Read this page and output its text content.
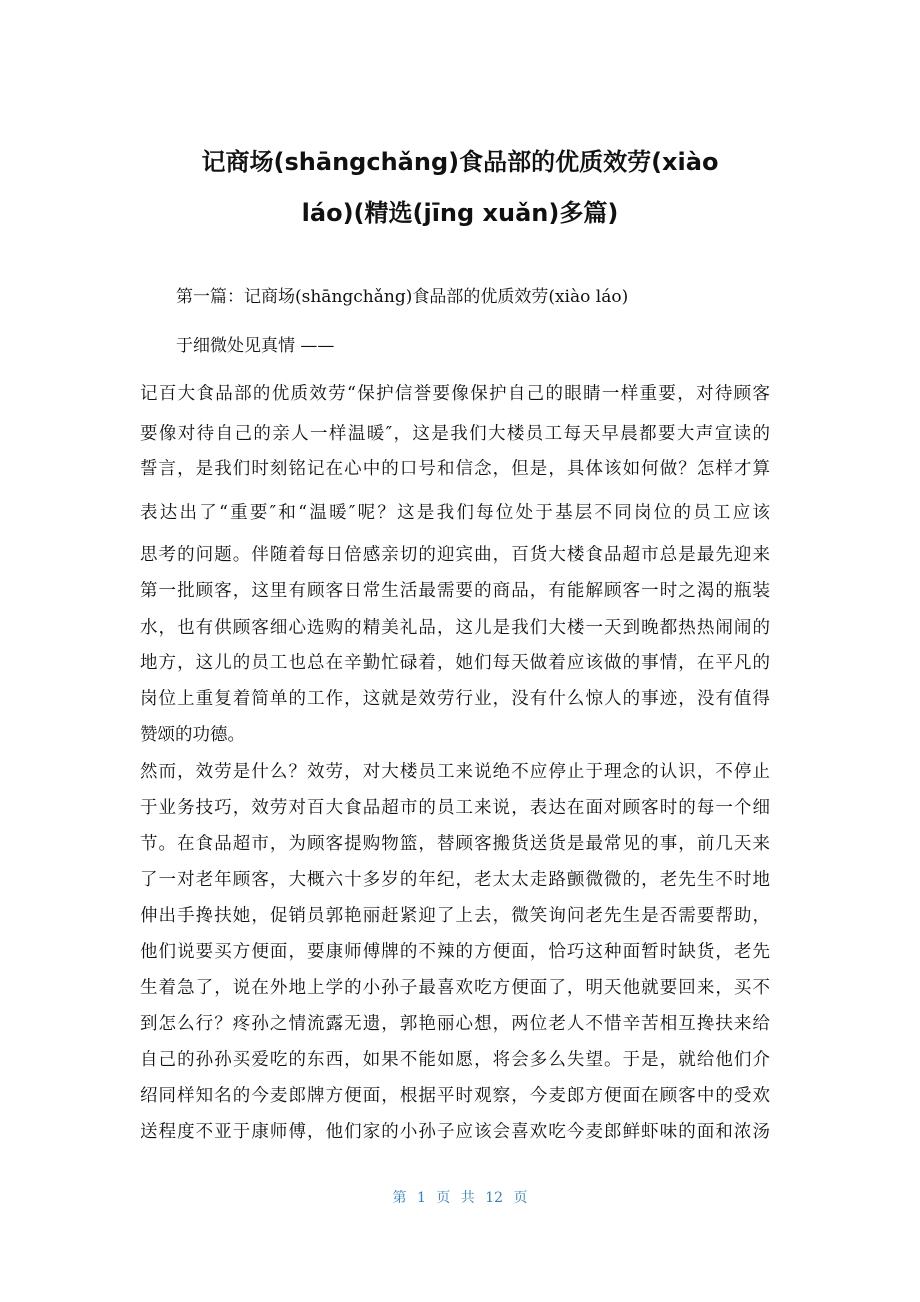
记商场(shāngchǎng)食品部的优质效劳(xiào
láo)(精选(jīng xuǎn)多篇)
第一篇：记商场(shāngchǎng)食品部的优质效劳(xiào láo)
于细微处见真情 ——
记百大食品部的优质效劳“保护信誉要像保护自己的眼睛一样重要，对待顾客
要像对待自己的亲人一样温暖″，这是我们大楼员工每天早晨都要大声宣读的
誓言，是我们时刻铭记在心中的口号和信念，但是，具体该如何做？怎样才算
表达出了“重要″和“温暖″呢？这是我们每位处于基层不同岗位的员工应该
思考的问题。伴随着每日倍感亲切的迎宾曲，百货大楼食品超市总是最先迎来
第一批顾客，这里有顾客日常生活最需要的商品，有能解顾客一时之渴的瓶装
水，也有供顾客细心选购的精美礼品，这儿是我们大楼一天到晚都热热闹闹的
地方，这儿的员工也总在辛勤忙碌着，她们每天做着应该做的事情，在平凡的
岗位上重复着简单的工作，这就是效劳行业，没有什么惊人的事迹，没有值得
赞颂的功德。
然而，效劳是什么？效劳，对大楼员工来说绝不应停止于理念的认识，不停止
于业务技巧，效劳对百大食品超市的员工来说，表达在面对顾客时的每一个细
节。在食品超市，为顾客提购物篮，替顾客搬货送货是最常见的事，前几天来
了一对老年顾客，大概六十多岁的年纪，老太太走路颤微微的，老先生不时地
伸出手搀扶她，促销员郭艳丽赶紧迎了上去，微笑询问老先生是否需要帮助，
他们说要买方便面，要康师傅牌的不辣的方便面，恰巧这种面暂时缺货，老先
生着急了，说在外地上学的小孙子最喜欢吃方便面了，明天他就要回来，买不
到怎么行？疼孙之情流露无遗，郭艳丽心想，两位老人不惜辛苦相互搀扶来给
自己的孙孙买爱吃的东西，如果不能如愿，将会多么失望。于是，就给他们介
绍同样知名的今麦郎牌方便面，根据平时观察，今麦郎方便面在顾客中的受欢
送程度不亚于康师傅，他们家的小孙子应该会喜欢吃今麦郎鲜虾味的面和浓汤
第 1 页 共 12 页
